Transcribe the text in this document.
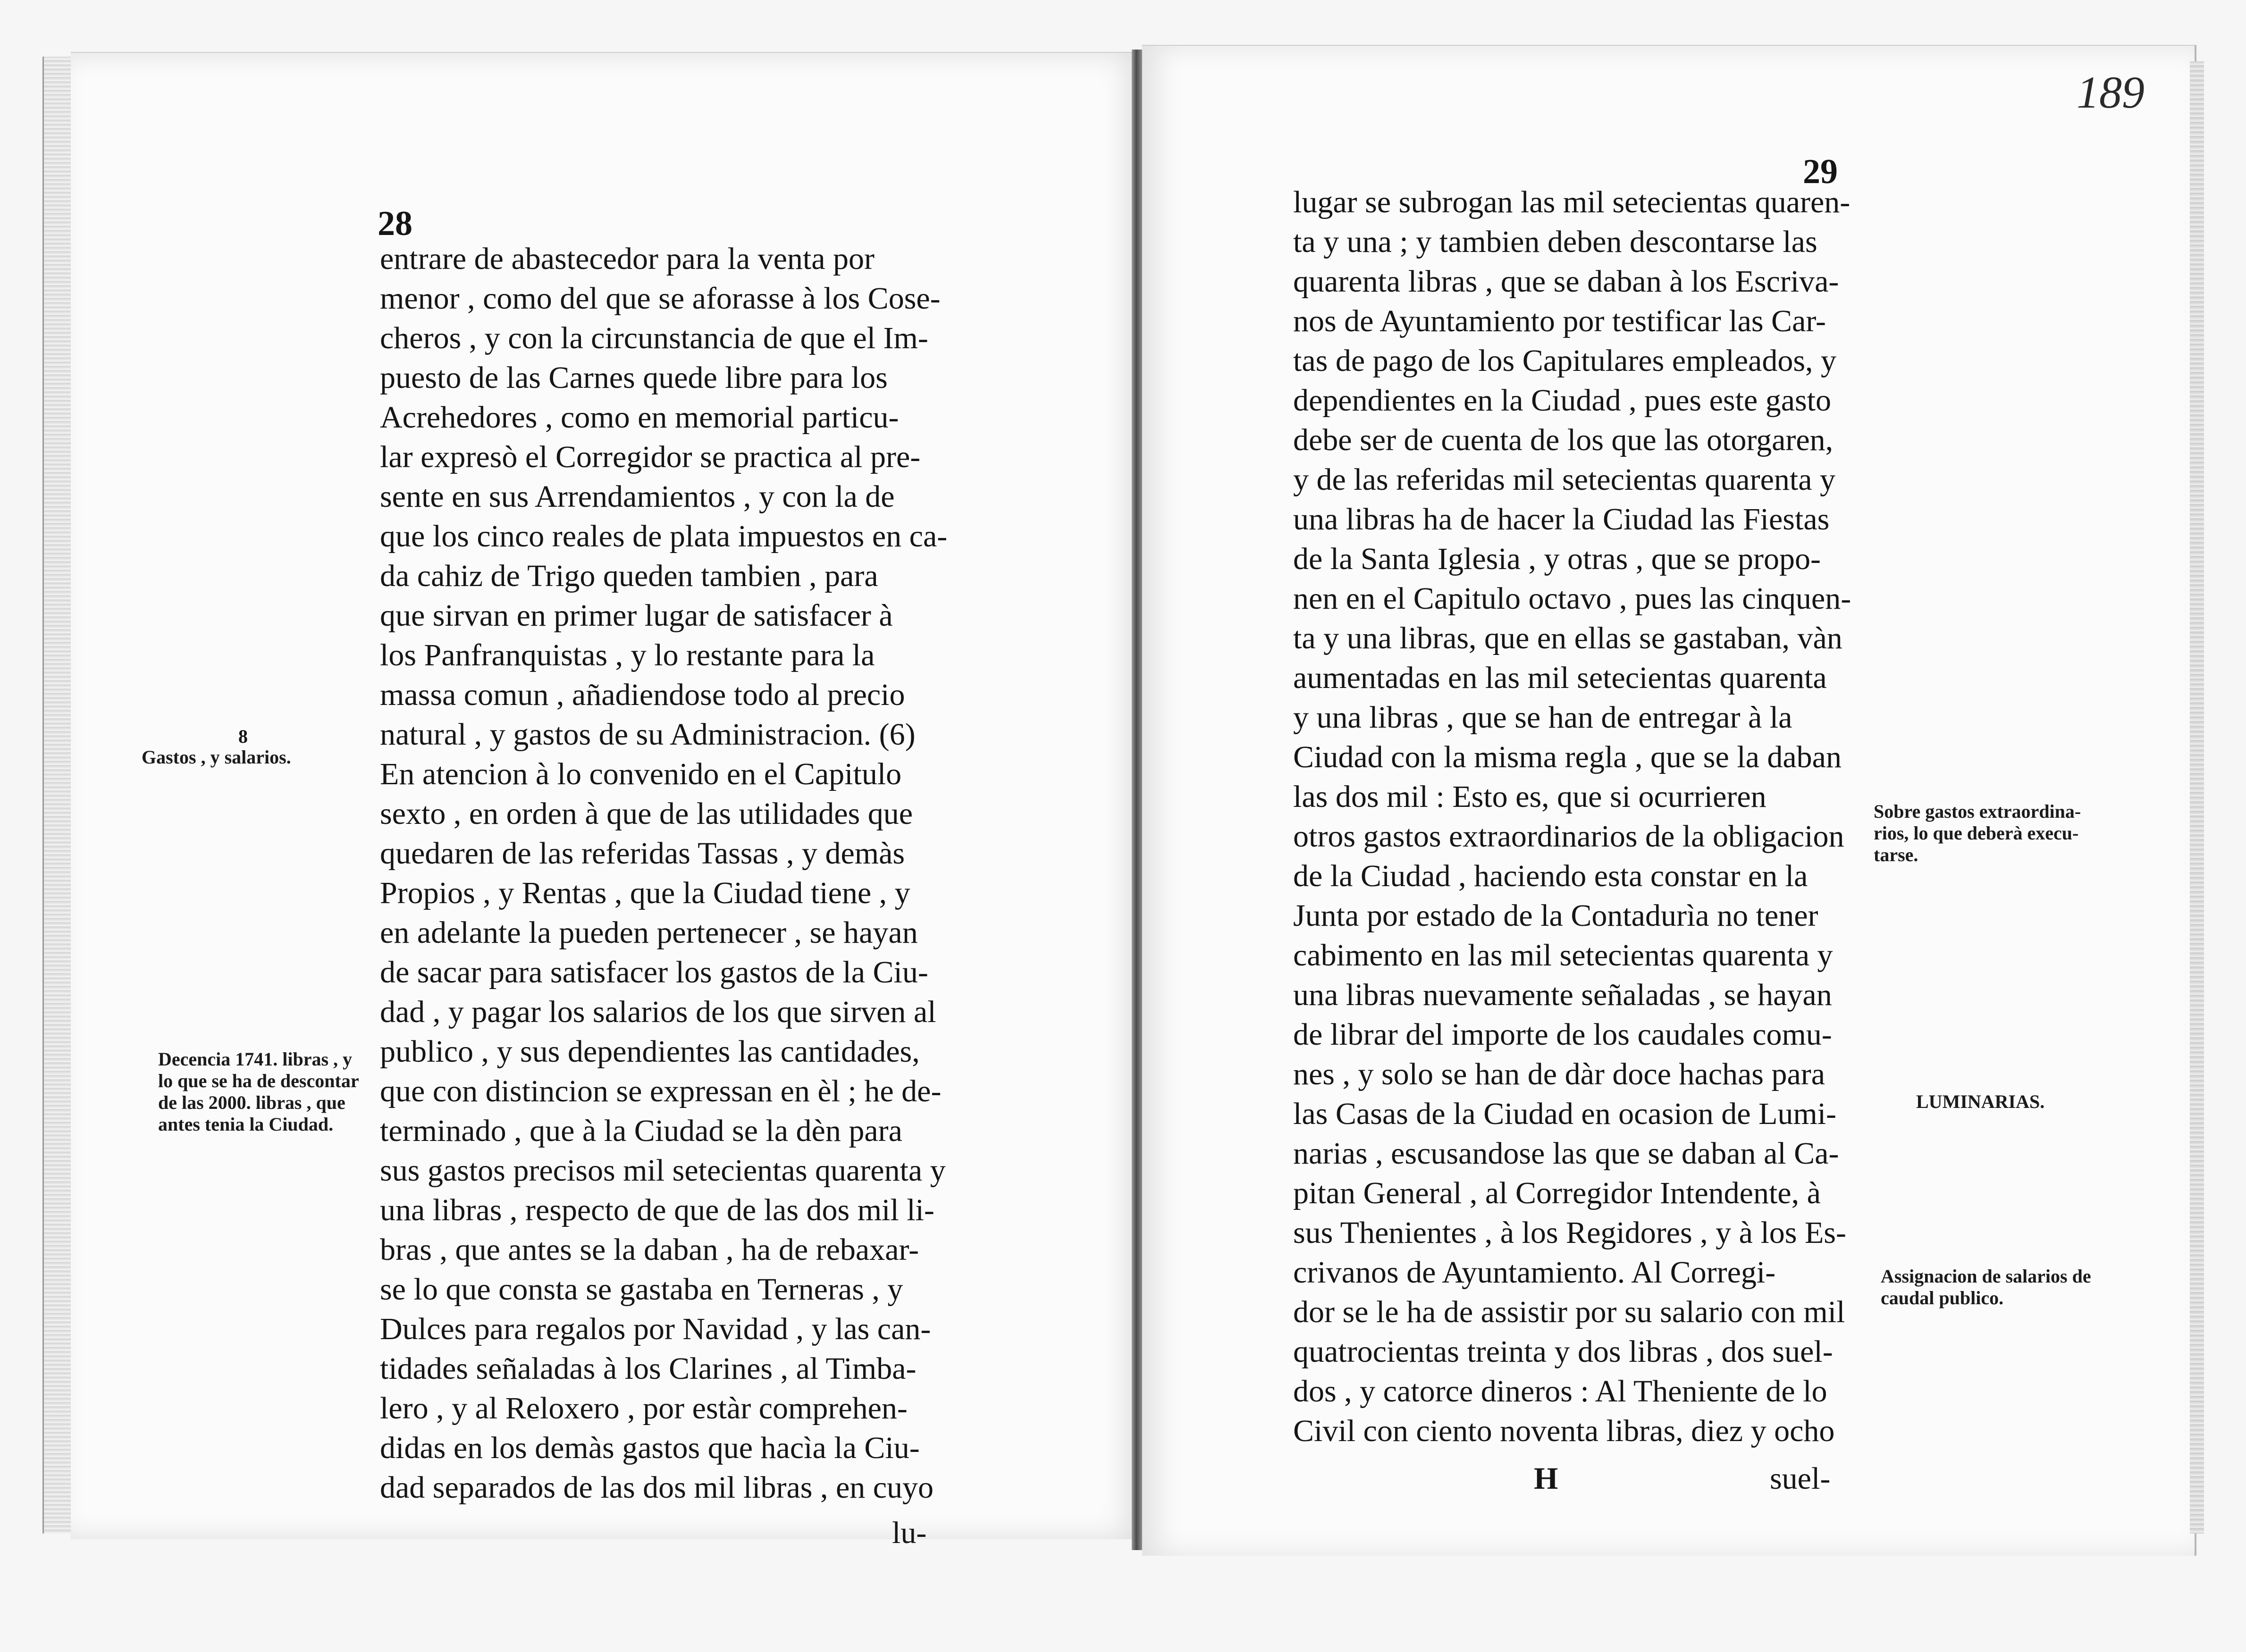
28
entrare de abastecedor para la venta por
menor , como del que se aforasse à los Cose-
cheros , y con la circunstancia de que el Im-
puesto de las Carnes quede libre para los
Acrehedores , como en memorial particu-
lar expresò el Corregidor se practica al pre-
sente en sus Arrendamientos , y con la de
que los cinco reales de plata impuestos en ca-
da cahiz de Trigo queden tambien , para
que sirvan en primer lugar de satisfacer à
los Panfranquistas , y lo restante para la
massa comun , añadiendose todo al precio
natural , y gastos de su Administracion. (6)
En atencion à lo convenido en el Capitulo
sexto , en orden à que de las utilidades que
quedaren de las referidas Tassas , y demàs
Propios , y Rentas , que la Ciudad tiene , y
en adelante la pueden pertenecer , se hayan
de sacar para satisfacer los gastos de la Ciu-
dad , y pagar los salarios de los que sirven al
publico , y sus dependientes las cantidades,
que con distincion se expressan en èl ; he de-
terminado , que à la Ciudad se la dèn para
sus gastos precisos mil setecientas quarenta y
una libras , respecto de que de las dos mil li-
bras , que antes se la daban , ha de rebaxar-
se lo que consta se gastaba en Terneras , y
Dulces para regalos por Navidad , y las can-
tidades señaladas à los Clarines , al Timba-
lero , y al Reloxero , por estàr comprehen-
didas en los demàs gastos que hacìa la Ciu-
dad separados de las dos mil libras , en cuyo
lu-
8
Gastos , y salarios.
Decencia 1741. libras , y
lo que se ha de descontar
de las 2000. libras , que
antes tenia la Ciudad.
29
lugar se subrogan las mil setecientas quaren-
ta y una ; y tambien deben descontarse las
quarenta libras , que se daban à los Escriva-
nos de Ayuntamiento por testificar las Car-
tas de pago de los Capitulares empleados, y
dependientes en la Ciudad , pues este gasto
debe ser de cuenta de los que las otorgaren,
y de las referidas mil setecientas quarenta y
una libras ha de hacer la Ciudad las Fiestas
de la Santa Iglesia , y otras , que se propo-
nen en el Capitulo octavo , pues las cinquen-
ta y una libras, que en ellas se gastaban, vàn
aumentadas en las mil setecientas quarenta
y una libras , que se han de entregar à la
Ciudad con la misma regla , que se la daban
las dos mil : Esto es, que si ocurrieren
otros gastos extraordinarios de la obligacion
de la Ciudad , haciendo esta constar en la
Junta por estado de la Contadurìa no tener
cabimento en las mil setecientas quarenta y
una libras nuevamente señaladas , se hayan
de librar del importe de los caudales comu-
nes , y solo se han de dàr doce hachas para
las Casas de la Ciudad en ocasion de Lumi-
narias , escusandose las que se daban al Ca-
pitan General , al Corregidor Intendente, à
sus Thenientes , à los Regidores , y à los Es-
crivanos de Ayuntamiento. Al Corregi-
dor se le ha de assistir por su salario con mil
quatrocientas treinta y dos libras , dos suel-
dos , y catorce dineros : Al Theniente de lo
Civil con ciento noventa libras, diez y ocho
H	suel-
Sobre gastos extraordina-
rios, lo que deberà execu-
tarse.
LUMINARIAS.
Assignacion de salarios de
caudal publico.
189
